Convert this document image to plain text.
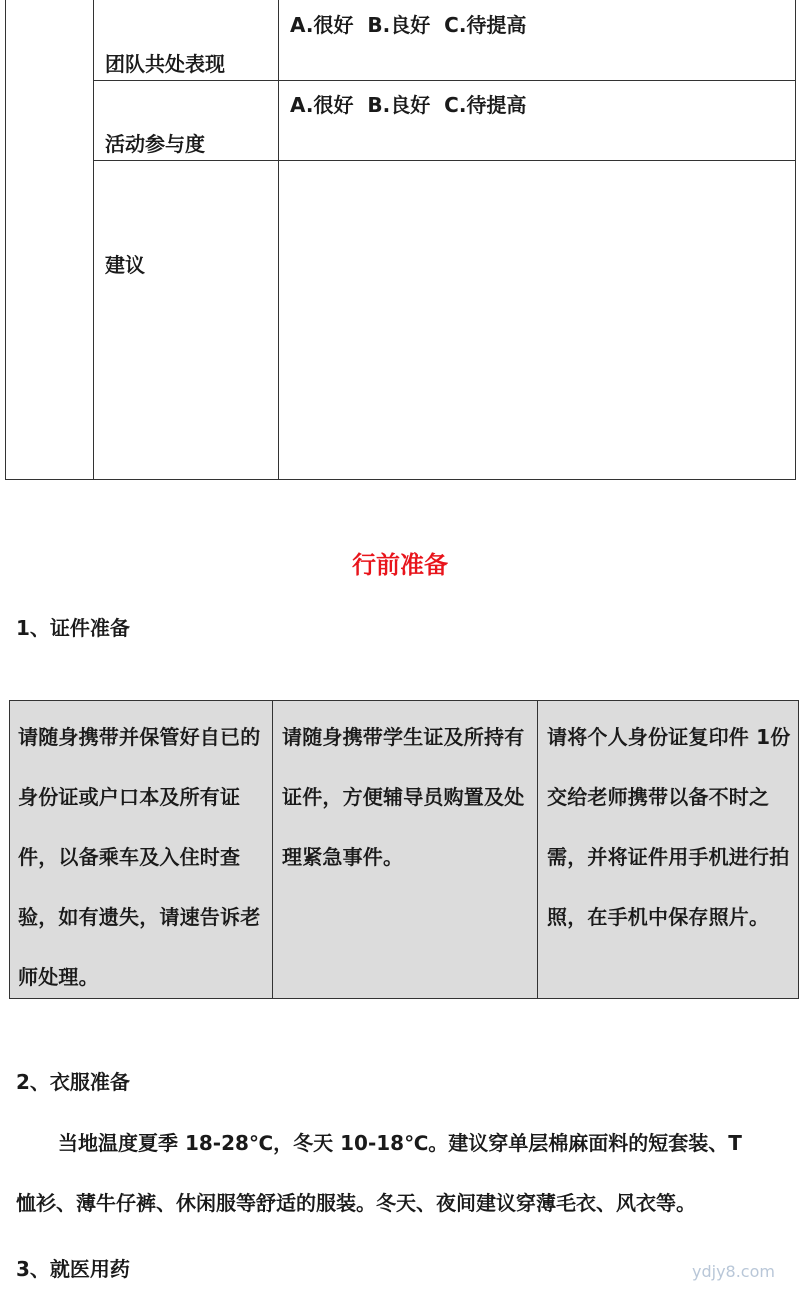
团队共处表现
A.很好  B.良好  C.待提高
活动参与度
A.很好  B.良好  C.待提高
建议
行前准备
1、证件准备
请随身携带并保管好自已的身份证或户口本及所有证件，以备乘车及入住时查验，如有遗失，请速告诉老师处理。
请随身携带学生证及所持有证件，方便辅导员购置及处理紧急事件。
请将个人身份证复印件 1份交给老师携带以备不时之需，并将证件用手机进行拍照，在手机中保存照片。
2、衣服准备
当地温度夏季 18-28℃，冬天 10-18℃。建议穿单层棉麻面料的短套装、T
恤衫、薄牛仔裤、休闲服等舒适的服装。冬天、夜间建议穿薄毛衣、风衣等。
3、就医用药	ydjy8.com
